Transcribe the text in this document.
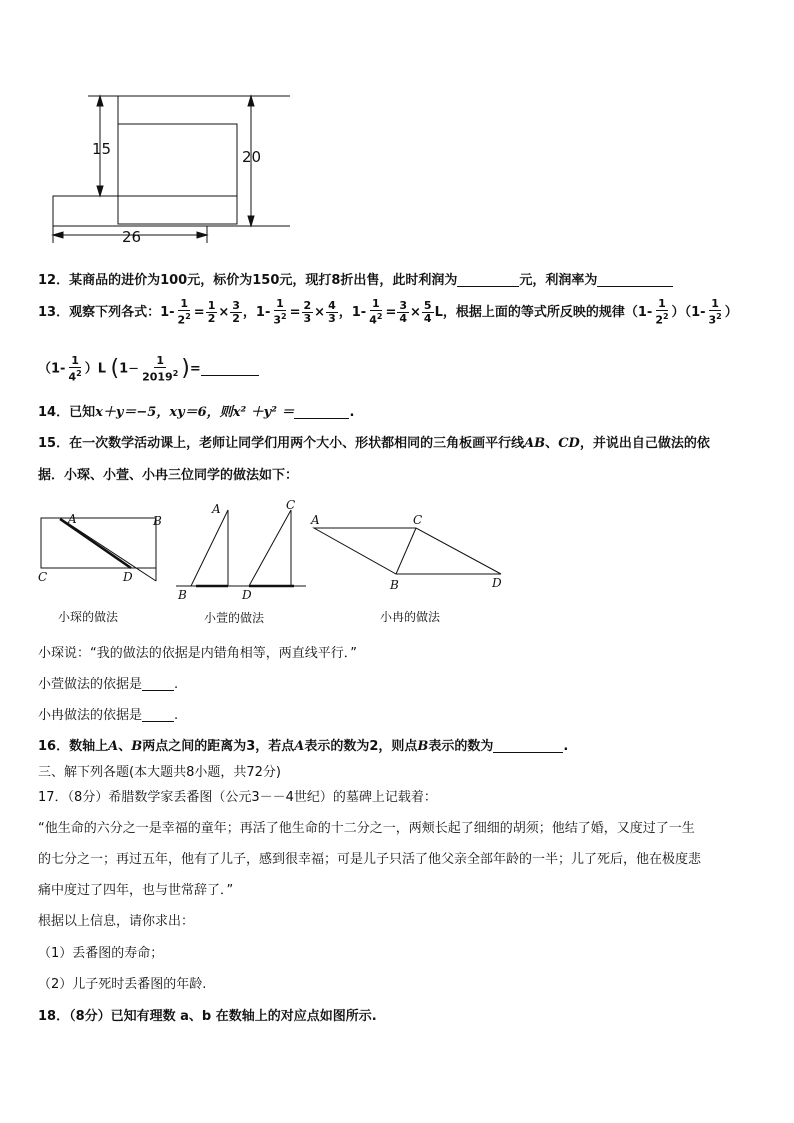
15	20
26
12．某商品的进价为100元，标价为150元，现打8折出售，此时利润为	元，利润率为
13．观察下列各式：$1- \frac{1}{2^2} = \frac{1}{2} \times \frac{3}{2}$ ，$1- \frac{1}{3^2} = \frac{2}{3} \times \frac{4}{3}$ ，$1- \frac{1}{4^2} = \frac{3}{4} \times \frac{5}{4}$ L，根据上面的等式所反映的规律$(1- \frac{1}{2^2} )(1- \frac{1}{3^2}$ ）
$(1- \frac{1}{4^2} )L$ ($1- \frac{1}{2019^2}$ )=
14．已知x＋y＝−5，xy＝6，则x² ＋y² ＝	.
15．在一次数学活动课上，老师让同学们用两个大小、形状都相同的三角板画平行线AB、CD，并说出自己做法的依
据．小琛、小萱、小冉三位同学的做法如下：
A	B
C	D
A	C
B	D
A	C
B	D
小琛的做法	小萱的做法	小冉的做法
小琛说：“我的做法的依据是内错角相等，两直线平行．”
小萱做法的依据是 .
小冉做法的依据是 .
16．数轴上A、B两点之间的距离为3，若点A表示的数为2，则点B表示的数为	.
三、解下列各题(本大题共8小题，共72分)
17．（8分）希腊数学家丢番图（公元3－－4世纪）的墓碑上记载着：
“他生命的六分之一是幸福的童年；再活了他生命的十二分之一，两颊长起了细细的胡须；他结了婚，又度过了一生
的七分之一；再过五年，他有了儿子，感到很幸福；可是儿子只活了他父亲全部年龄的一半；儿了死后，他在极度悲
痛中度过了四年，也与世常辞了．”
根据以上信息，请你求出：
（1）丢番图的寿命；
（2）儿子死时丢番图的年龄.
18．（8分）已知有理数 a、b 在数轴上的对应点如图所示.
